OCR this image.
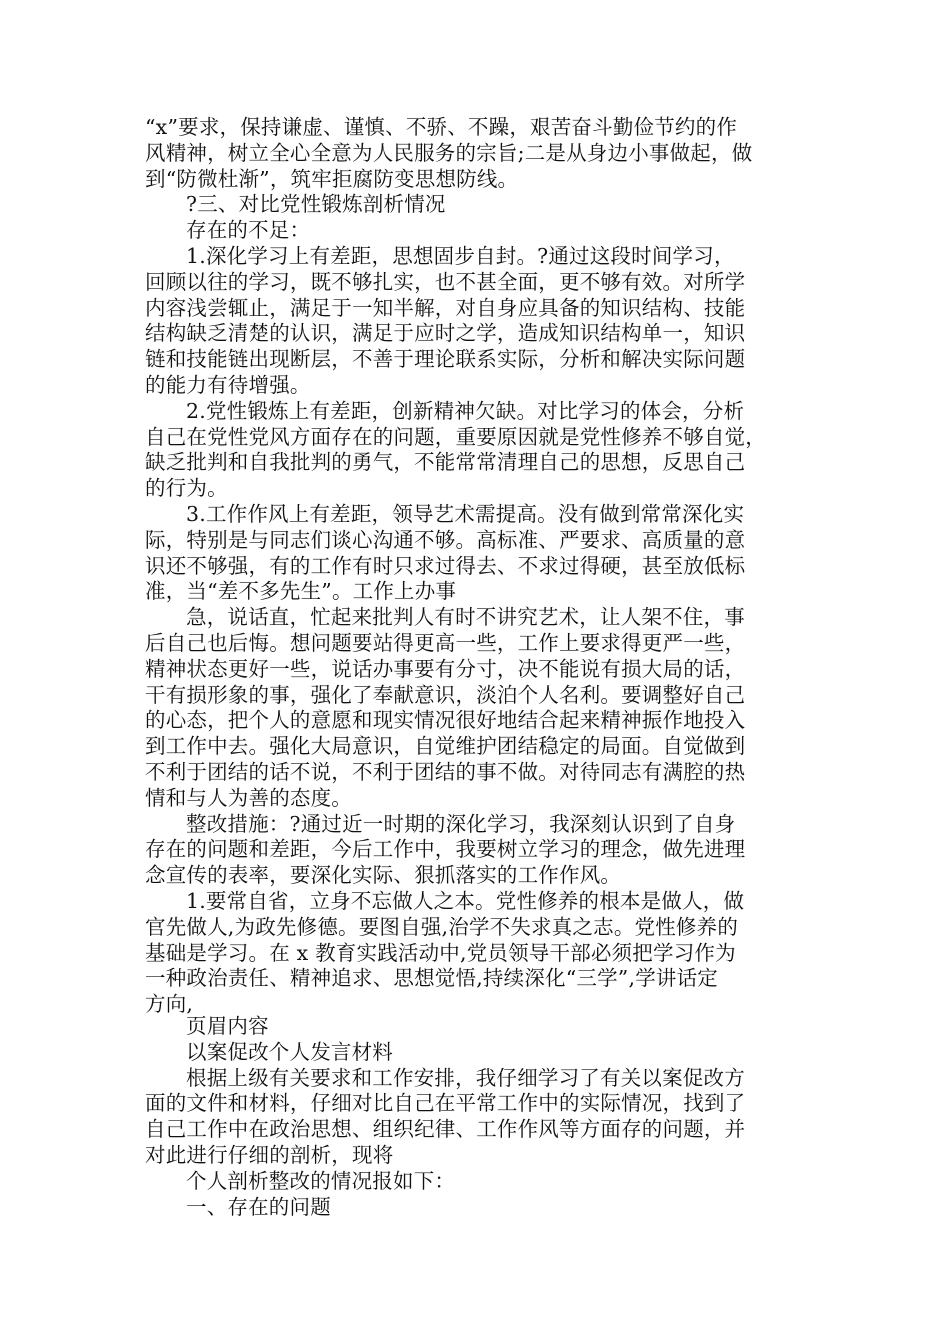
“x”要求，保持谦虚、谨慎、不骄、不躁，艰苦奋斗勤俭节约的作
风精神，树立全心全意为人民服务的宗旨;二是从身边小事做起，做
到“防微杜渐”，筑牢拒腐防变思想防线。
?三、对比党性锻炼剖析情况
存在的不足：
1.深化学习上有差距，思想固步自封。?通过这段时间学习，
回顾以往的学习，既不够扎实，也不甚全面，更不够有效。对所学
内容浅尝辄止，满足于一知半解，对自身应具备的知识结构、技能
结构缺乏清楚的认识，满足于应时之学，造成知识结构单一，知识
链和技能链出现断层，不善于理论联系实际，分析和解决实际问题
的能力有待增强。
2.党性锻炼上有差距，创新精神欠缺。对比学习的体会，分析
自己在党性党风方面存在的问题，重要原因就是党性修养不够自觉，
缺乏批判和自我批判的勇气，不能常常清理自己的思想，反思自己
的行为。
3.工作作风上有差距，领导艺术需提高。没有做到常常深化实
际，特别是与同志们谈心沟通不够。高标准、严要求、高质量的意
识还不够强，有的工作有时只求过得去、不求过得硬，甚至放低标
准，当“差不多先生”。工作上办事
急，说话直，忙起来批判人有时不讲究艺术，让人架不住，事
后自己也后悔。想问题要站得更高一些，工作上要求得更严一些，
精神状态更好一些，说话办事要有分寸，决不能说有损大局的话，
干有损形象的事，强化了奉献意识，淡泊个人名利。要调整好自己
的心态，把个人的意愿和现实情况很好地结合起来精神振作地投入
到工作中去。强化大局意识，自觉维护团结稳定的局面。自觉做到
不利于团结的话不说，不利于团结的事不做。对待同志有满腔的热
情和与人为善的态度。
整改措施：?通过近一时期的深化学习，我深刻认识到了自身
存在的问题和差距，今后工作中，我要树立学习的理念，做先进理
念宣传的表率，要深化实际、狠抓落实的工作作风。
1.要常自省，立身不忘做人之本。党性修养的根本是做人，做
官先做人,为政先修德。要图自强,治学不失求真之志。党性修养的
基础是学习。在 x 教育实践活动中,党员领导干部必须把学习作为
一种政治责任、精神追求、思想觉悟,持续深化“三学”,学讲话定
方向,
页眉内容
以案促改个人发言材料
根据上级有关要求和工作安排，我仔细学习了有关以案促改方
面的文件和材料，仔细对比自己在平常工作中的实际情况，找到了
自己工作中在政治思想、组织纪律、工作作风等方面存的问题，并
对此进行仔细的剖析，现将
个人剖析整改的情况报如下：
一、存在的问题
